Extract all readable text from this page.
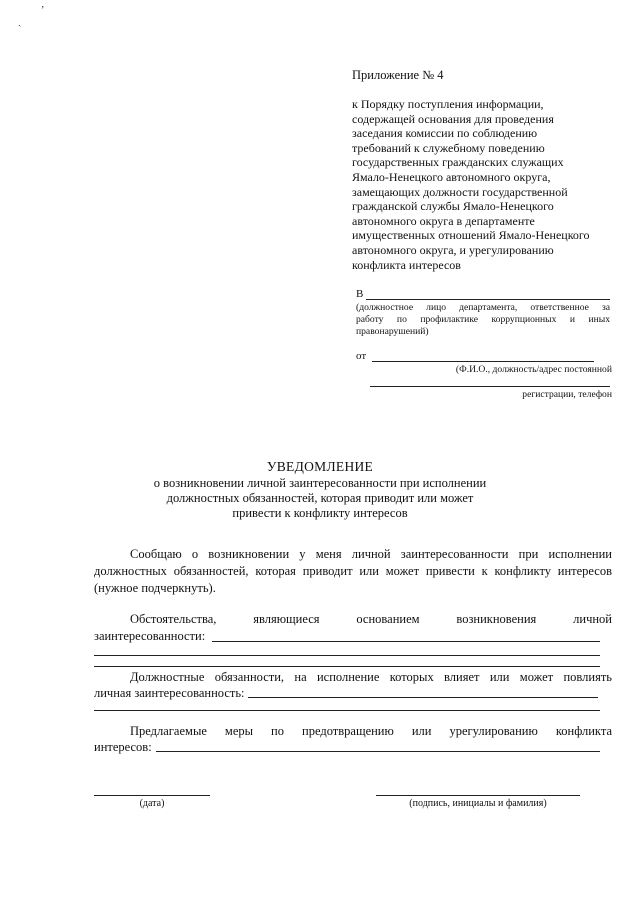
ʼ
ˎ
Приложение № 4
к Порядку поступления информации,
содержащей основания для проведения
заседания комиссии по соблюдению
требований к служебному поведению
государственных гражданских служащих
Ямало-Ненецкого автономного округа,
замещающих должности государственной
гражданской службы Ямало-Ненецкого
автономного округа в департаменте
имущественных отношений Ямало-Ненецкого
автономного округа, и урегулированию
конфликта интересов
В
(должностное лицо департамента, ответственное за
работу по профилактике коррупционных и иных
правонарушений)
от
(Ф.И.О., должность/адрес постоянной
регистрации, телефон
УВЕДОМЛЕНИЕ
о возникновении личной заинтересованности при исполнении
должностных обязанностей, которая приводит или может
привести к конфликту интересов
Сообщаю о возникновении у меня личной заинтересованности при исполнении
должностных обязанностей, которая приводит или может привести к конфликту интересов
(нужное подчеркнуть).
Обстоятельства, являющиеся основанием возникновения личной
заинтересованности:
Должностные обязанности, на исполнение которых влияет или может повлиять
личная заинтересованность:
Предлагаемые меры по предотвращению или урегулированию конфликта
интересов:
(дата)	(подпись, инициалы и фамилия)
